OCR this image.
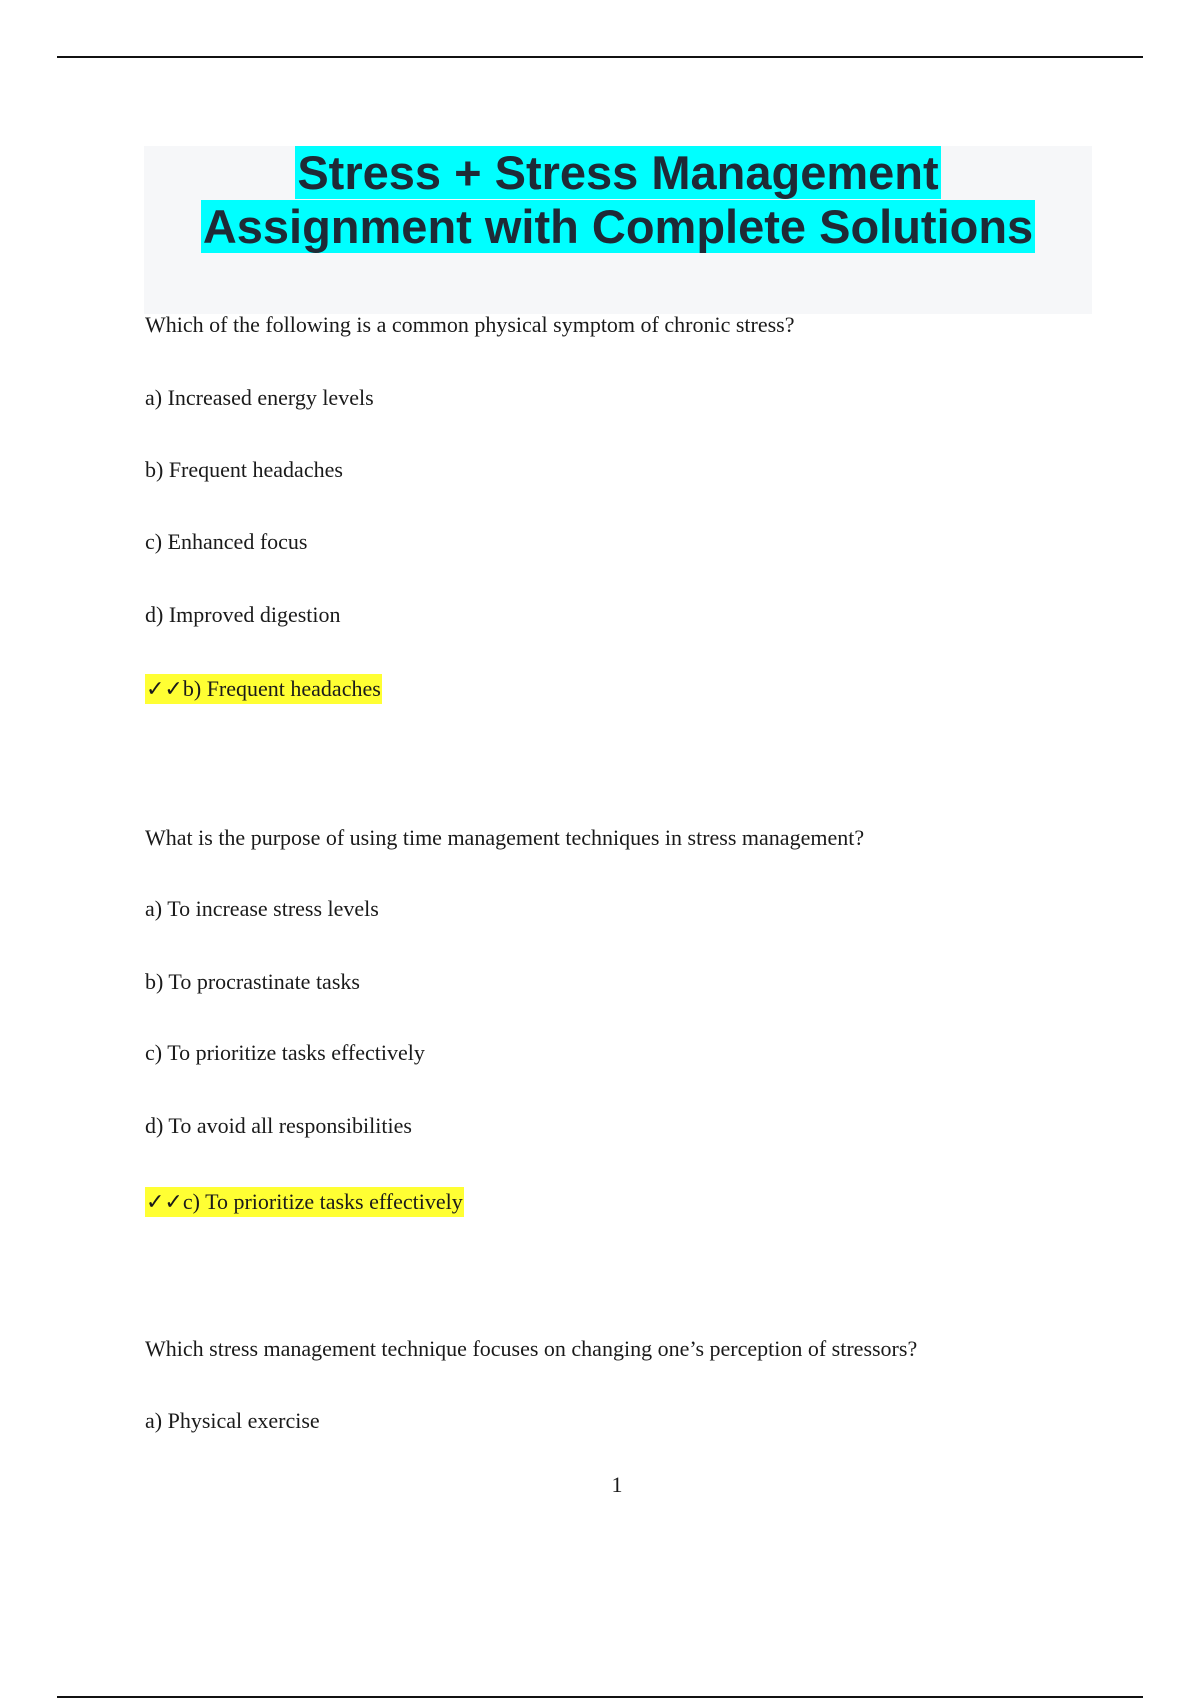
Stress + Stress Management
Assignment with Complete Solutions
Which of the following is a common physical symptom of chronic stress?
a) Increased energy levels
b) Frequent headaches
c) Enhanced focus
d) Improved digestion
✓✓b) Frequent headaches
What is the purpose of using time management techniques in stress management?
a) To increase stress levels
b) To procrastinate tasks
c) To prioritize tasks effectively
d) To avoid all responsibilities
✓✓c) To prioritize tasks effectively
Which stress management technique focuses on changing one’s perception of stressors?
a) Physical exercise
1
